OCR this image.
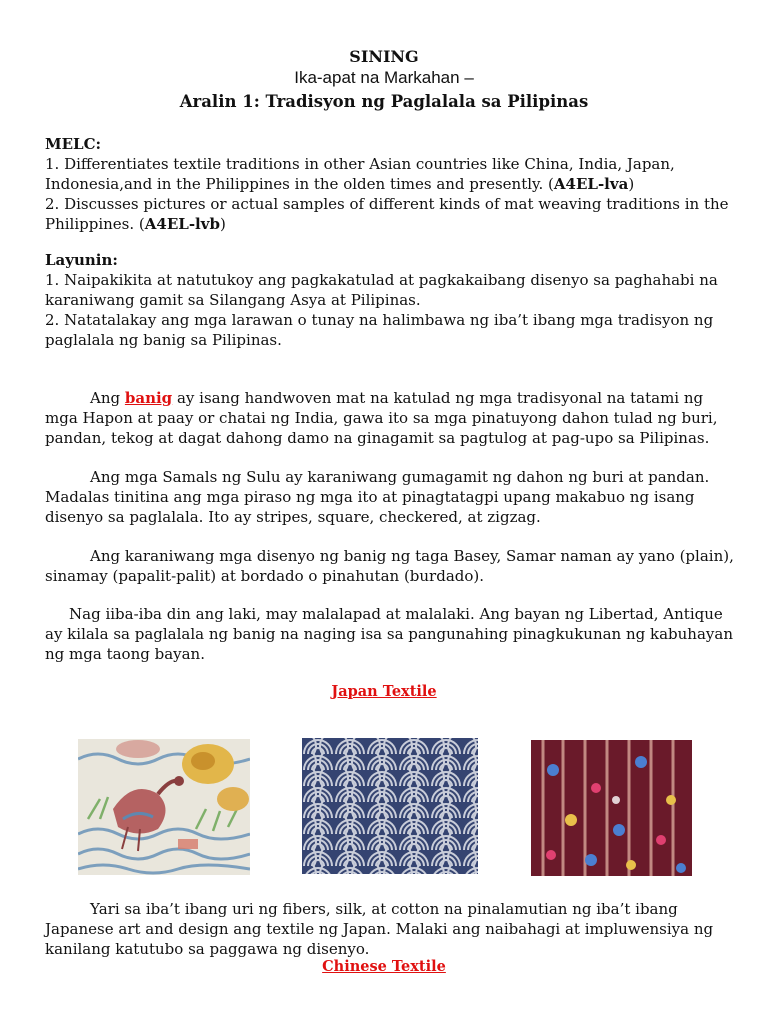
SINING
Ika-apat na Markahan –
Aralin 1: Tradisyon ng Paglalala sa Pilipinas
MELC:
1. Differentiates textile traditions in other Asian countries like China, India, Japan, Indonesia,and in the Philippines in the olden times and presently. (A4EL-lva)
2. Discusses pictures or actual samples of different kinds of mat weaving traditions in the Philippines. (A4EL-lvb)
Layunin:
1. Naipakikita at natutukoy ang pagkakatulad at pagkakaibang disenyo sa paghahabi na karaniwang gamit sa Silangang Asya at Pilipinas.
2. Natatalakay ang mga larawan o tunay na halimbawa ng iba’t ibang mga tradisyon ng paglalala ng banig sa Pilipinas.
Ang banig ay isang handwoven mat na katulad ng mga tradisyonal na tatami ng mga Hapon at paay or chatai ng India, gawa ito sa mga pinatuyong dahon tulad ng buri, pandan, tekog at dagat dahong damo na ginagamit sa pagtulog at pag-upo sa Pilipinas.
Ang mga Samals ng Sulu ay karaniwang gumagamit ng dahon ng buri at pandan. Madalas tinitina ang mga piraso ng mga ito at pinagtatagpi upang makabuo ng isang disenyo sa paglalala. Ito ay stripes, square, checkered, at zigzag.
Ang karaniwang mga disenyo ng banig ng taga Basey, Samar naman ay yano (plain), sinamay (papalit-palit) at bordado o pinahutan (burdado).
Nag iiba-iba din ang laki, may malalapad at malalaki. Ang bayan ng Libertad, Antique ay kilala sa paglalala ng banig na naging isa sa pangunahing pinagkukunan ng kabuhayan ng mga taong bayan.
Japan Textile
Yari sa iba’t ibang uri ng fibers, silk, at cotton na pinalamutian ng iba’t ibang Japanese art and design ang textile ng Japan. Malaki ang naibahagi at impluwensiya ng kanilang katutubo sa paggawa ng disenyo.
Chinese Textile
